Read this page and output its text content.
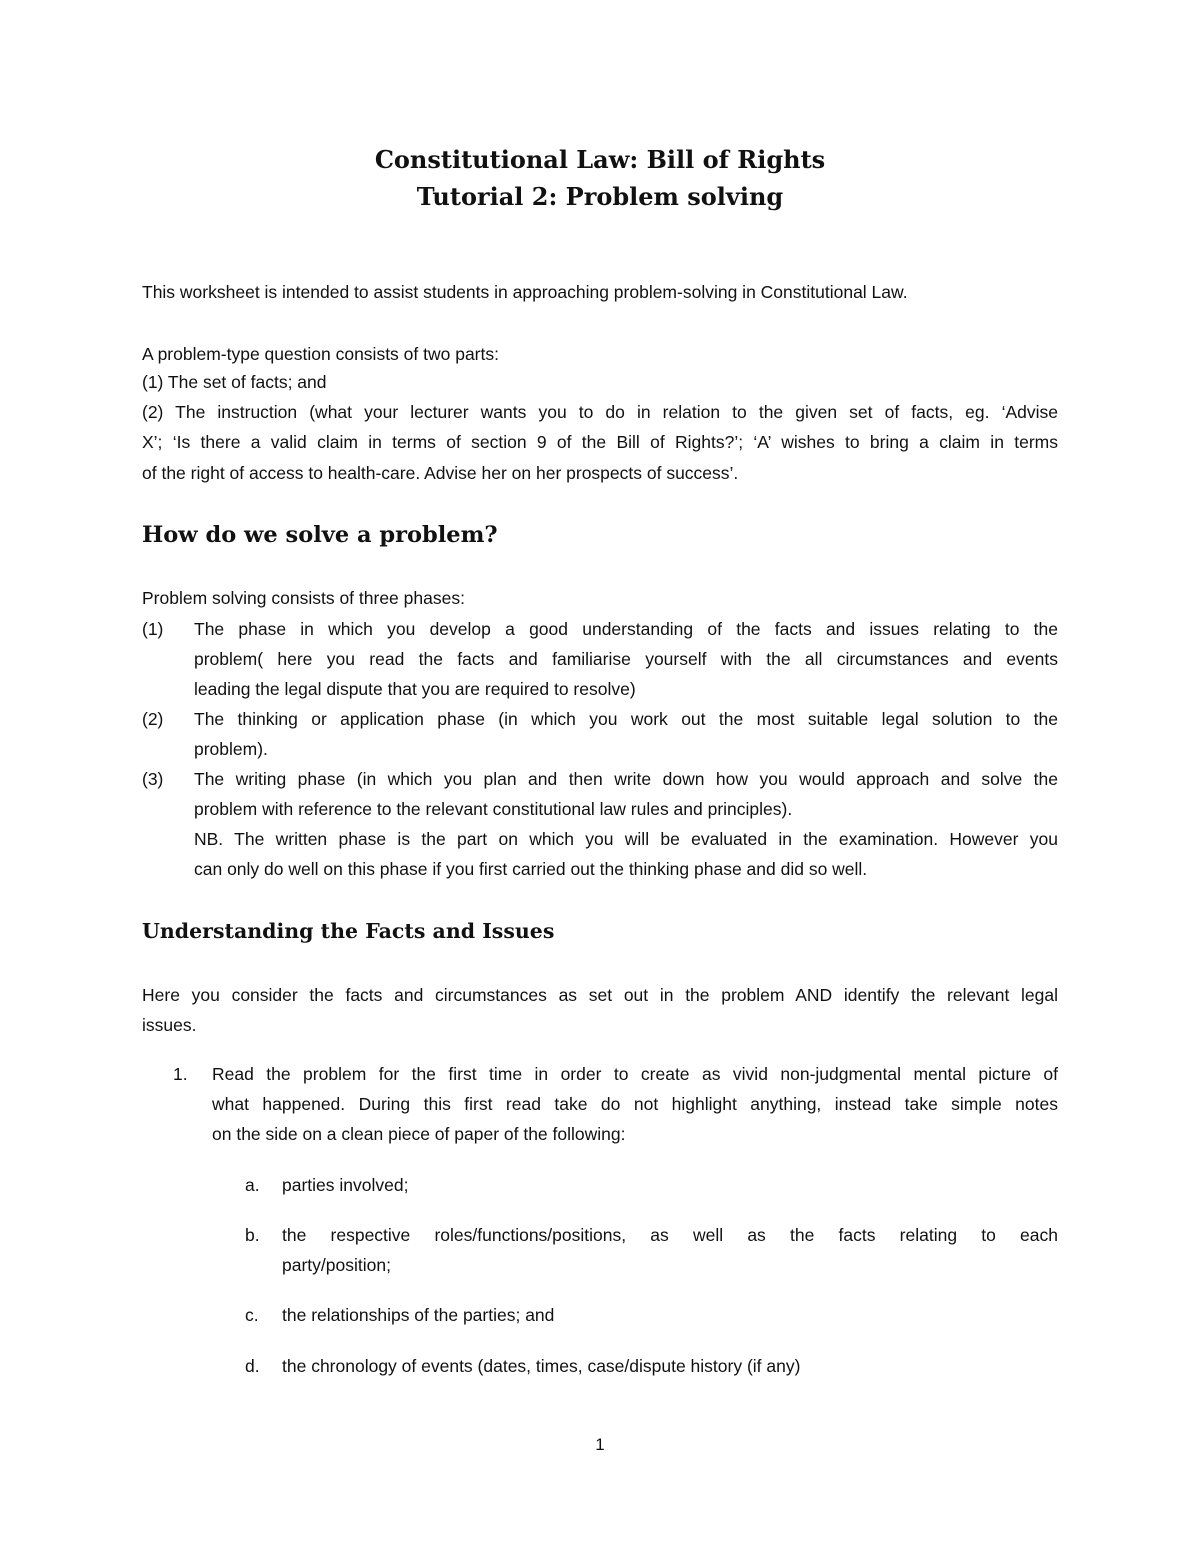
Constitutional Law: Bill of Rights
Tutorial 2: Problem solving
This worksheet is intended to assist students in approaching problem-solving in Constitutional Law.
A problem-type question consists of two parts:
(1) The set of facts; and
(2) The instruction (what your lecturer wants you to do in relation to the given set of facts, eg. ‘Advise
X’; ‘Is there a valid claim in terms of section 9 of the Bill of Rights?’; ‘A’ wishes to bring a claim in terms
of the right of access to health-care. Advise her on her prospects of success’.
How do we solve a problem?
Problem solving consists of three phases:
(1) The phase in which you develop a good understanding of the facts and issues relating to the
problem( here you read the facts and familiarise yourself with the all circumstances and events
leading the legal dispute that you are required to resolve)
(2) The thinking or application phase (in which you work out the most suitable legal solution to the
problem).
(3) The writing phase (in which you plan and then write down how you would approach and solve the
problem with reference to the relevant constitutional law rules and principles).
NB. The written phase is the part on which you will be evaluated in the examination. However you
can only do well on this phase if you first carried out the thinking phase and did so well.
Understanding the Facts and Issues
Here you consider the facts and circumstances as set out in the problem AND identify the relevant legal
issues.
1. Read the problem for the first time in order to create as vivid non-judgmental mental picture of
what happened. During this first read take do not highlight anything, instead take simple notes
on the side on a clean piece of paper of the following:
a. parties involved;
b. the respective roles/functions/positions, as well as the facts relating to each
party/position;
c. the relationships of the parties; and
d. the chronology of events (dates, times, case/dispute history (if any)
1
